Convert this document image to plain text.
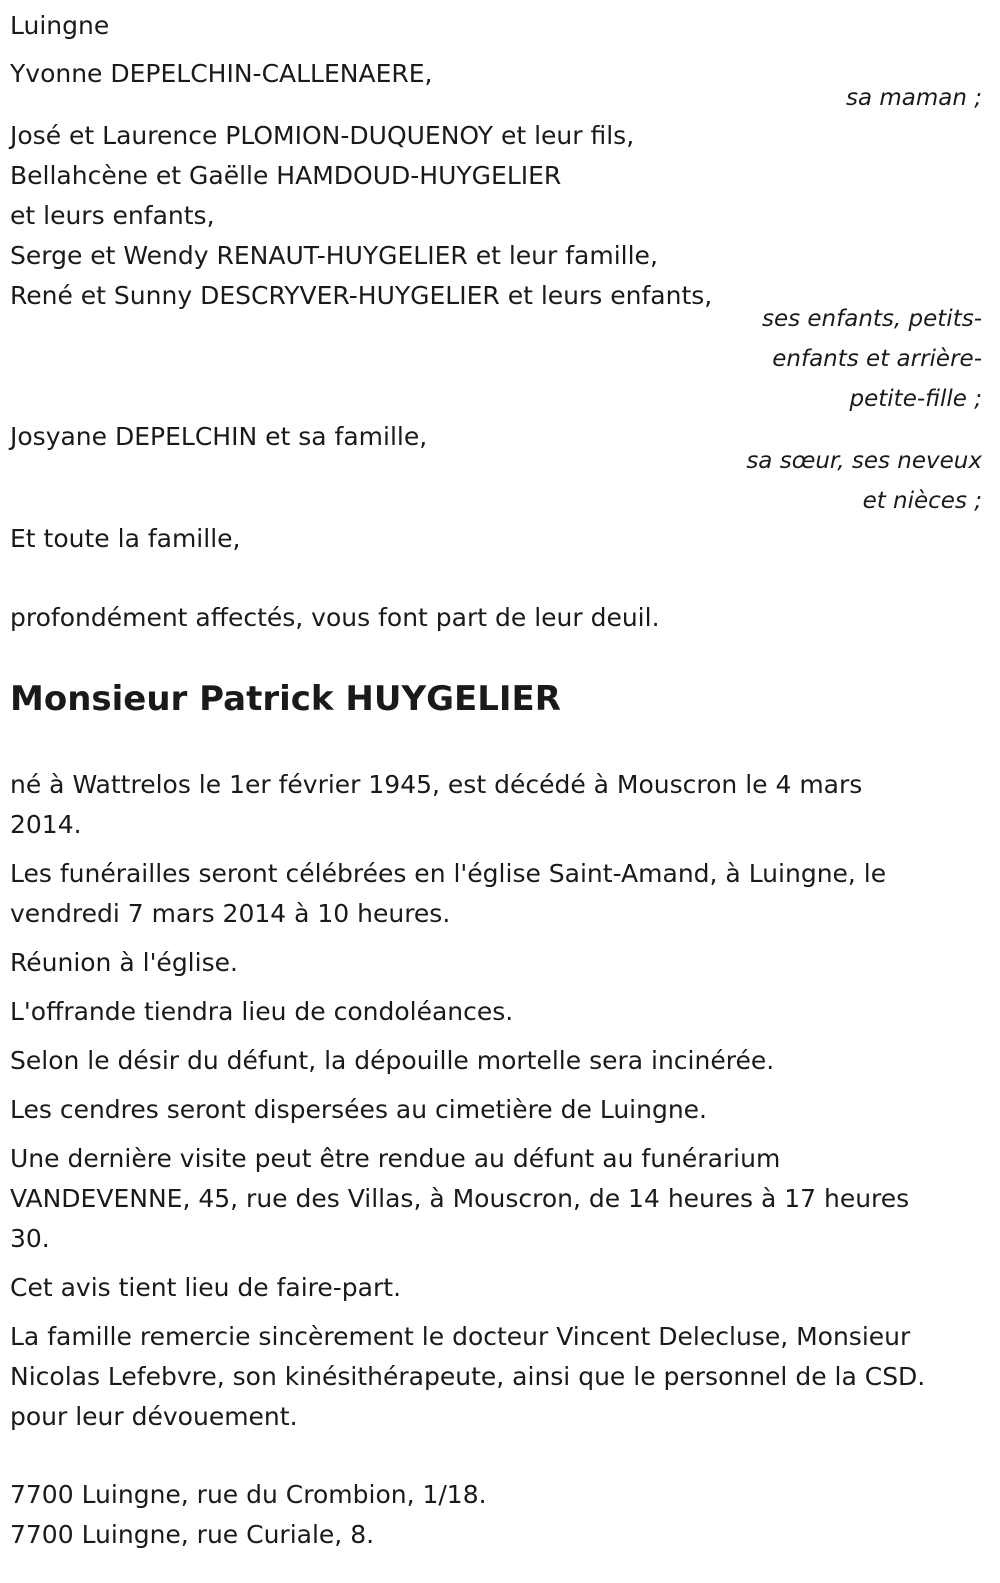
Luingne
Yvonne DEPELCHIN-CALLENAERE,
sa maman ;
José et Laurence PLOMION-DUQUENOY et leur fils,
Bellahcène et Gaëlle HAMDOUD-HUYGELIER
et leurs enfants,
Serge et Wendy RENAUT-HUYGELIER et leur famille,
René et Sunny DESCRYVER-HUYGELIER et leurs enfants,
ses enfants, petits-
enfants et arrière-
petite-fille ;
Josyane DEPELCHIN et sa famille,
sa sœur, ses neveux
et nièces ;
Et toute la famille,
profondément affectés, vous font part de leur deuil.
Monsieur Patrick HUYGELIER
né à Wattrelos le 1er février 1945, est décédé à Mouscron le 4 mars
2014.
Les funérailles seront célébrées en l'église Saint-Amand, à Luingne, le
vendredi 7 mars 2014 à 10 heures.
Réunion à l'église.
L'offrande tiendra lieu de condoléances.
Selon le désir du défunt, la dépouille mortelle sera incinérée.
Les cendres seront dispersées au cimetière de Luingne.
Une dernière visite peut être rendue au défunt au funérarium
VANDEVENNE, 45, rue des Villas, à Mouscron, de 14 heures à 17 heures
30.
Cet avis tient lieu de faire-part.
La famille remercie sincèrement le docteur Vincent Delecluse, Monsieur
Nicolas Lefebvre, son kinésithérapeute, ainsi que le personnel de la CSD.
pour leur dévouement.
7700 Luingne, rue du Crombion, 1/18.
7700 Luingne, rue Curiale, 8.
